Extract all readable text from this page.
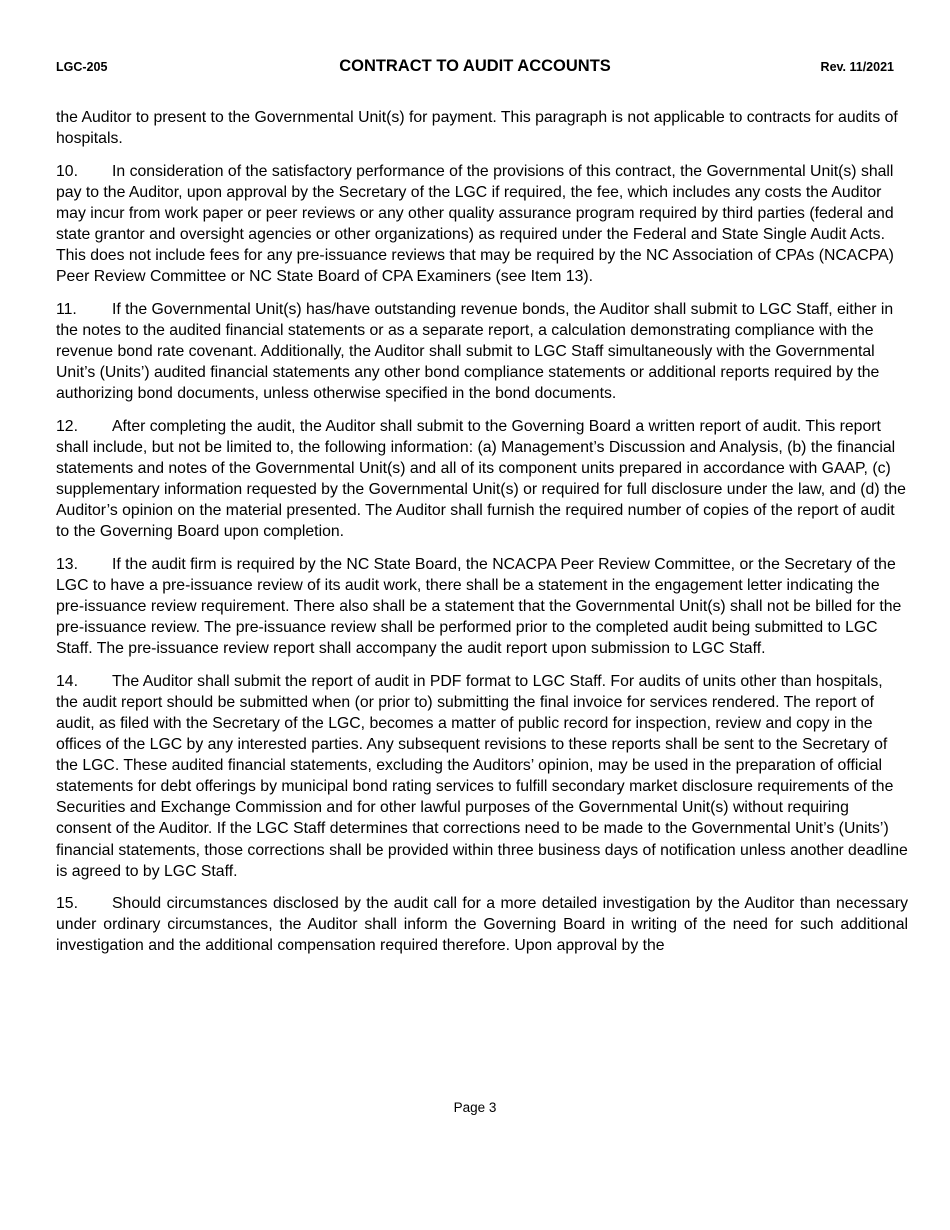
LGC-205	CONTRACT TO AUDIT ACCOUNTS	Rev. 11/2021

the Auditor to present to the Governmental Unit(s) for payment. This paragraph is not applicable to contracts for audits of hospitals.

10. In consideration of the satisfactory performance of the provisions of this contract, the Governmental Unit(s) shall pay to the Auditor, upon approval by the Secretary of the LGC if required, the fee, which includes any costs the Auditor may incur from work paper or peer reviews or any other quality assurance program required by third parties (federal and state grantor and oversight agencies or other organizations) as required under the Federal and State Single Audit Acts. This does not include fees for any pre-issuance reviews that may be required by the NC Association of CPAs (NCACPA) Peer Review Committee or NC State Board of CPA Examiners (see Item 13).

11. If the Governmental Unit(s) has/have outstanding revenue bonds, the Auditor shall submit to LGC Staff, either in the notes to the audited financial statements or as a separate report, a calculation demonstrating compliance with the revenue bond rate covenant. Additionally, the Auditor shall submit to LGC Staff simultaneously with the Governmental Unit’s (Units’) audited financial statements any other bond compliance statements or additional reports required by the authorizing bond documents, unless otherwise specified in the bond documents.

12. After completing the audit, the Auditor shall submit to the Governing Board a written report of audit. This report shall include, but not be limited to, the following information: (a) Management’s Discussion and Analysis, (b) the financial statements and notes of the Governmental Unit(s) and all of its component units prepared in accordance with GAAP, (c) supplementary information requested by the Governmental Unit(s) or required for full disclosure under the law, and (d) the Auditor’s opinion on the material presented. The Auditor shall furnish the required number of copies of the report of audit to the Governing Board upon completion.

13. If the audit firm is required by the NC State Board, the NCACPA Peer Review Committee, or the Secretary of the LGC to have a pre-issuance review of its audit work, there shall be a statement in the engagement letter indicating the pre-issuance review requirement. There also shall be a statement that the Governmental Unit(s) shall not be billed for the pre-issuance review. The pre-issuance review shall be performed prior to the completed audit being submitted to LGC Staff. The pre-issuance review report shall accompany the audit report upon submission to LGC Staff.

14. The Auditor shall submit the report of audit in PDF format to LGC Staff. For audits of units other than hospitals, the audit report should be submitted when (or prior to) submitting the final invoice for services rendered. The report of audit, as filed with the Secretary of the LGC, becomes a matter of public record for inspection, review and copy in the offices of the LGC by any interested parties. Any subsequent revisions to these reports shall be sent to the Secretary of the LGC. These audited financial statements, excluding the Auditors’ opinion, may be used in the preparation of official statements for debt offerings by municipal bond rating services to fulfill secondary market disclosure requirements of the Securities and Exchange Commission and for other lawful purposes of the Governmental Unit(s) without requiring consent of the Auditor. If the LGC Staff determines that corrections need to be made to the Governmental Unit’s (Units’) financial statements, those corrections shall be provided within three business days of notification unless another deadline is agreed to by LGC Staff.

15. Should circumstances disclosed by the audit call for a more detailed investigation by the Auditor than necessary under ordinary circumstances, the Auditor shall inform the Governing Board in writing of the need for such additional investigation and the additional compensation required therefore. Upon approval by the

Page 3
